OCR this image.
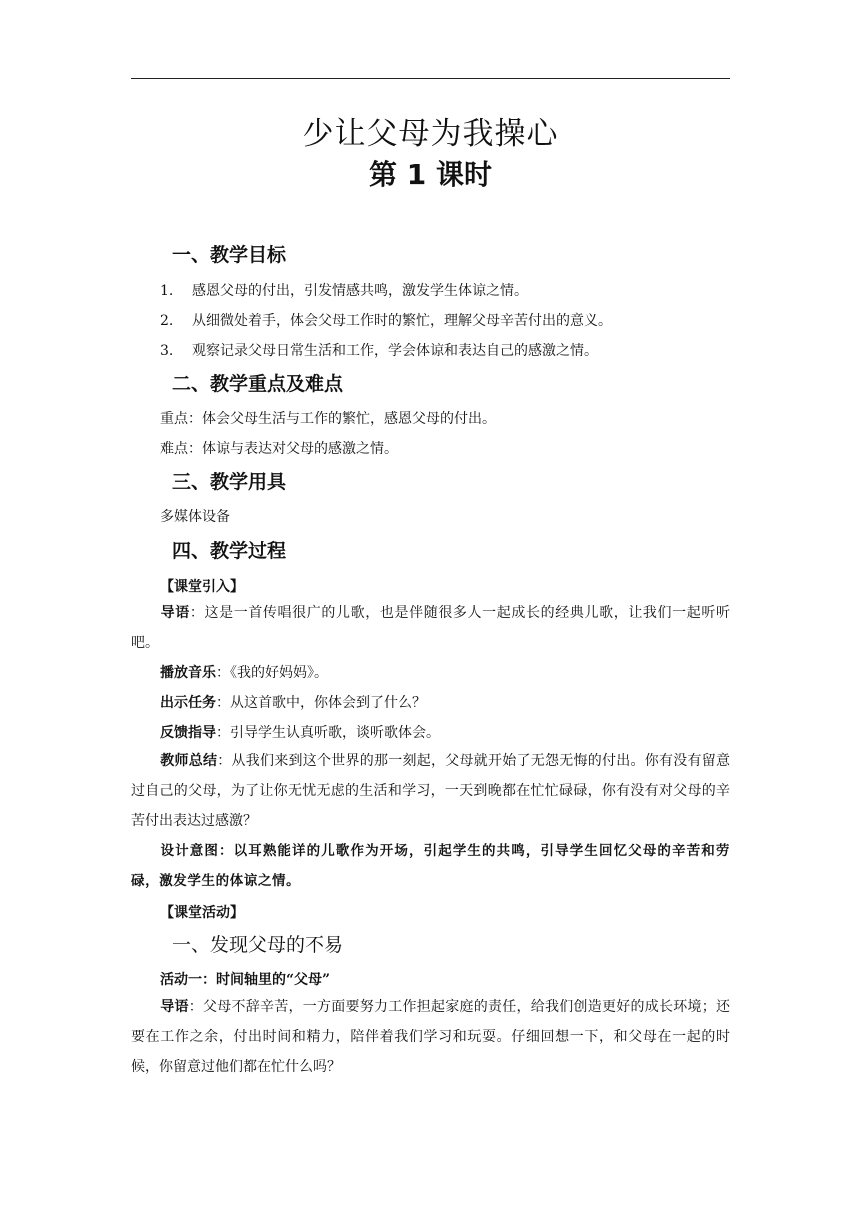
少让父母为我操心
第 1 课时
一、教学目标
1. 感恩父母的付出，引发情感共鸣，激发学生体谅之情。
2. 从细微处着手，体会父母工作时的繁忙，理解父母辛苦付出的意义。
3. 观察记录父母日常生活和工作，学会体谅和表达自己的感激之情。
二、教学重点及难点
重点：体会父母生活与工作的繁忙，感恩父母的付出。
难点：体谅与表达对父母的感激之情。
三、教学用具
多媒体设备
四、教学过程
【课堂引入】
导语：这是一首传唱很广的儿歌，也是伴随很多人一起成长的经典儿歌，让我们一起听听吧。
播放音乐：《我的好妈妈》。
出示任务：从这首歌中，你体会到了什么？
反馈指导：引导学生认真听歌，谈听歌体会。
教师总结：从我们来到这个世界的那一刻起，父母就开始了无怨无悔的付出。你有没有留意过自己的父母，为了让你无忧无虑的生活和学习，一天到晚都在忙忙碌碌，你有没有对父母的辛苦付出表达过感激？
设计意图：以耳熟能详的儿歌作为开场，引起学生的共鸣，引导学生回忆父母的辛苦和劳碌，激发学生的体谅之情。
【课堂活动】
一、发现父母的不易
活动一：时间轴里的“父母”
导语：父母不辞辛苦，一方面要努力工作担起家庭的责任，给我们创造更好的成长环境；还要在工作之余，付出时间和精力，陪伴着我们学习和玩耍。仔细回想一下，和父母在一起的时候，你留意过他们都在忙什么吗？
